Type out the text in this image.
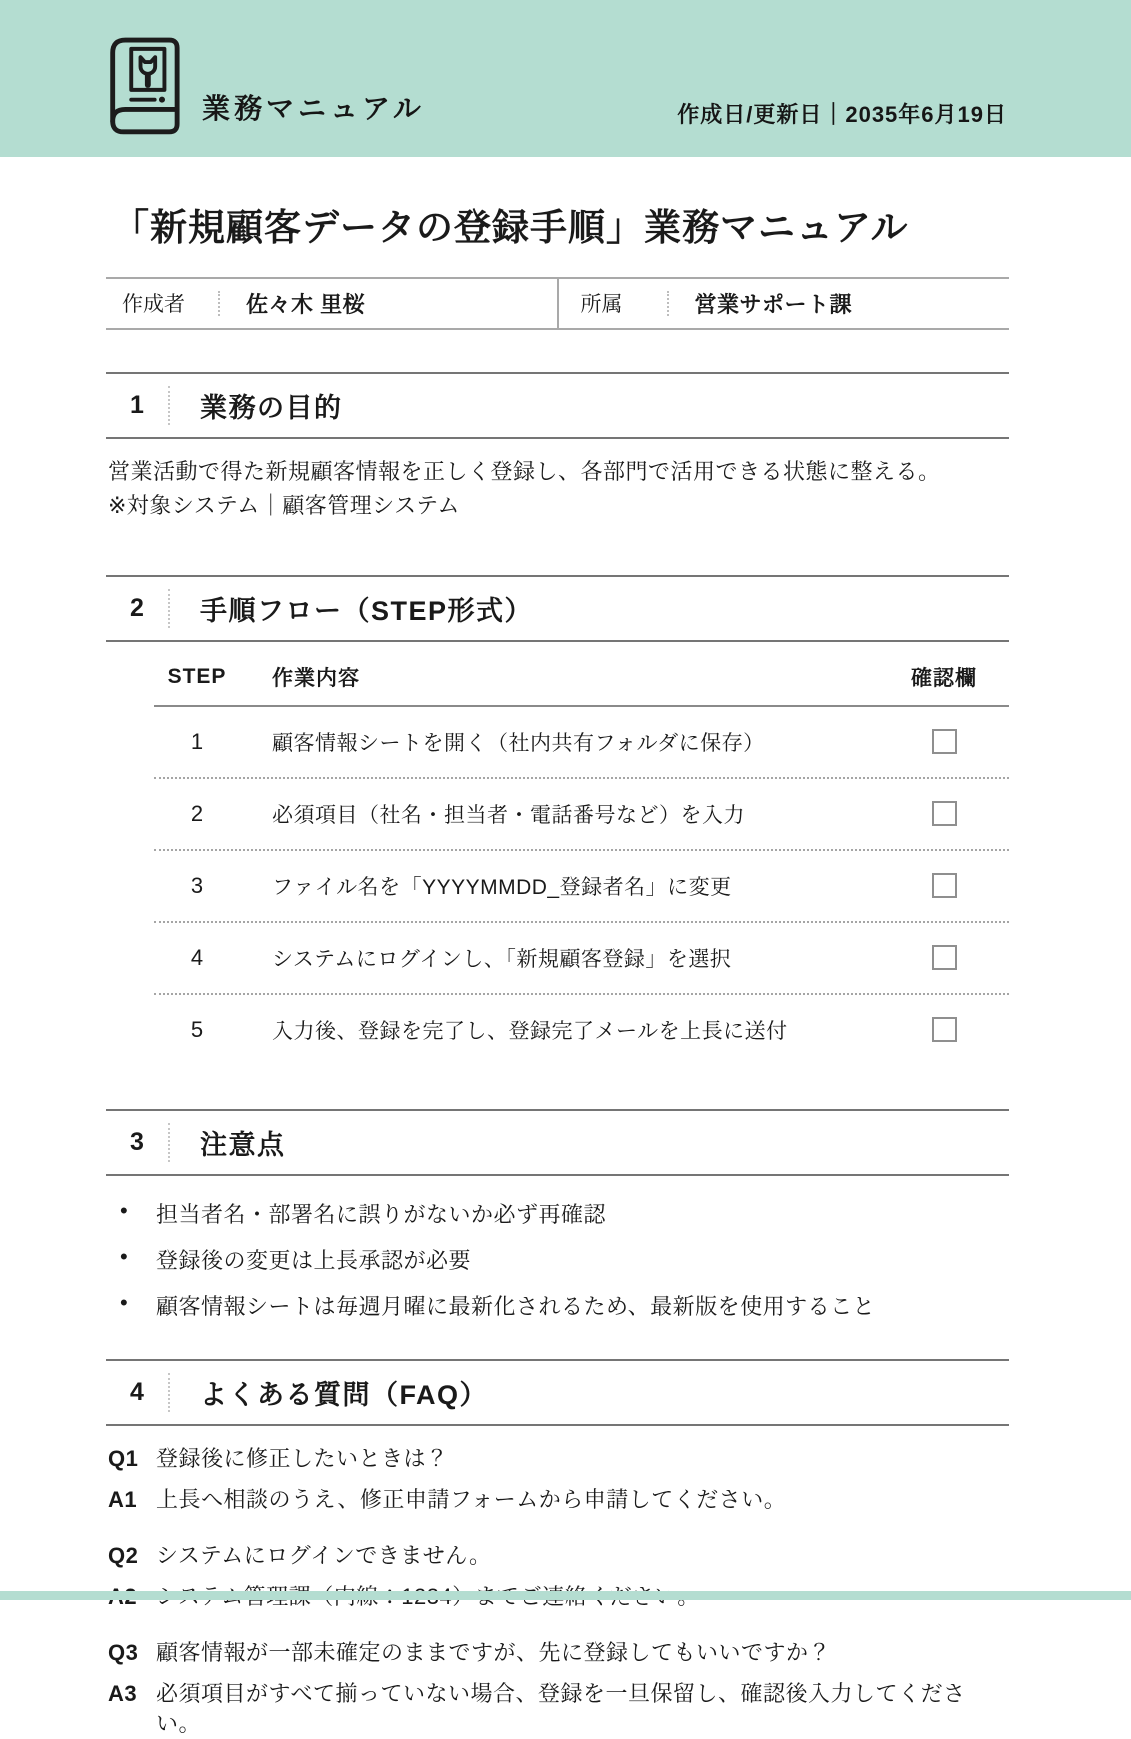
業務マニュアル	作成日/更新日｜2035年6月19日
「新規顧客データの登録手順」業務マニュアル
作成者	佐々木 里桜	所属	営業サポート課
1	業務の目的
営業活動で得た新規顧客情報を正しく登録し、各部門で活用できる状態に整える。
※対象システム｜顧客管理システム
2	手順フロー（STEP形式）
STEP	作業内容	確認欄
1	顧客情報シートを開く（社内共有フォルダに保存）
2	必須項目（社名・担当者・電話番号など）を入力
3	ファイル名を「YYYYMMDD_登録者名」に変更
4	システムにログインし、「新規顧客登録」を選択
5	入力後、登録を完了し、登録完了メールを上長に送付
3	注意点
•	担当者名・部署名に誤りがないか必ず再確認
•	登録後の変更は上長承認が必要
•	顧客情報シートは毎週月曜に最新化されるため、最新版を使用すること
4	よくある質問（FAQ）
Q1 登録後に修正したいときは？
A1 上長へ相談のうえ、修正申請フォームから申請してください。
Q2 システムにログインできません。
Q3 顧客情報が一部未確定のままですが、先に登録してもいいですか？
A3 必須項目がすべて揃っていない場合、登録を一旦保留し、確認後入力してください。
